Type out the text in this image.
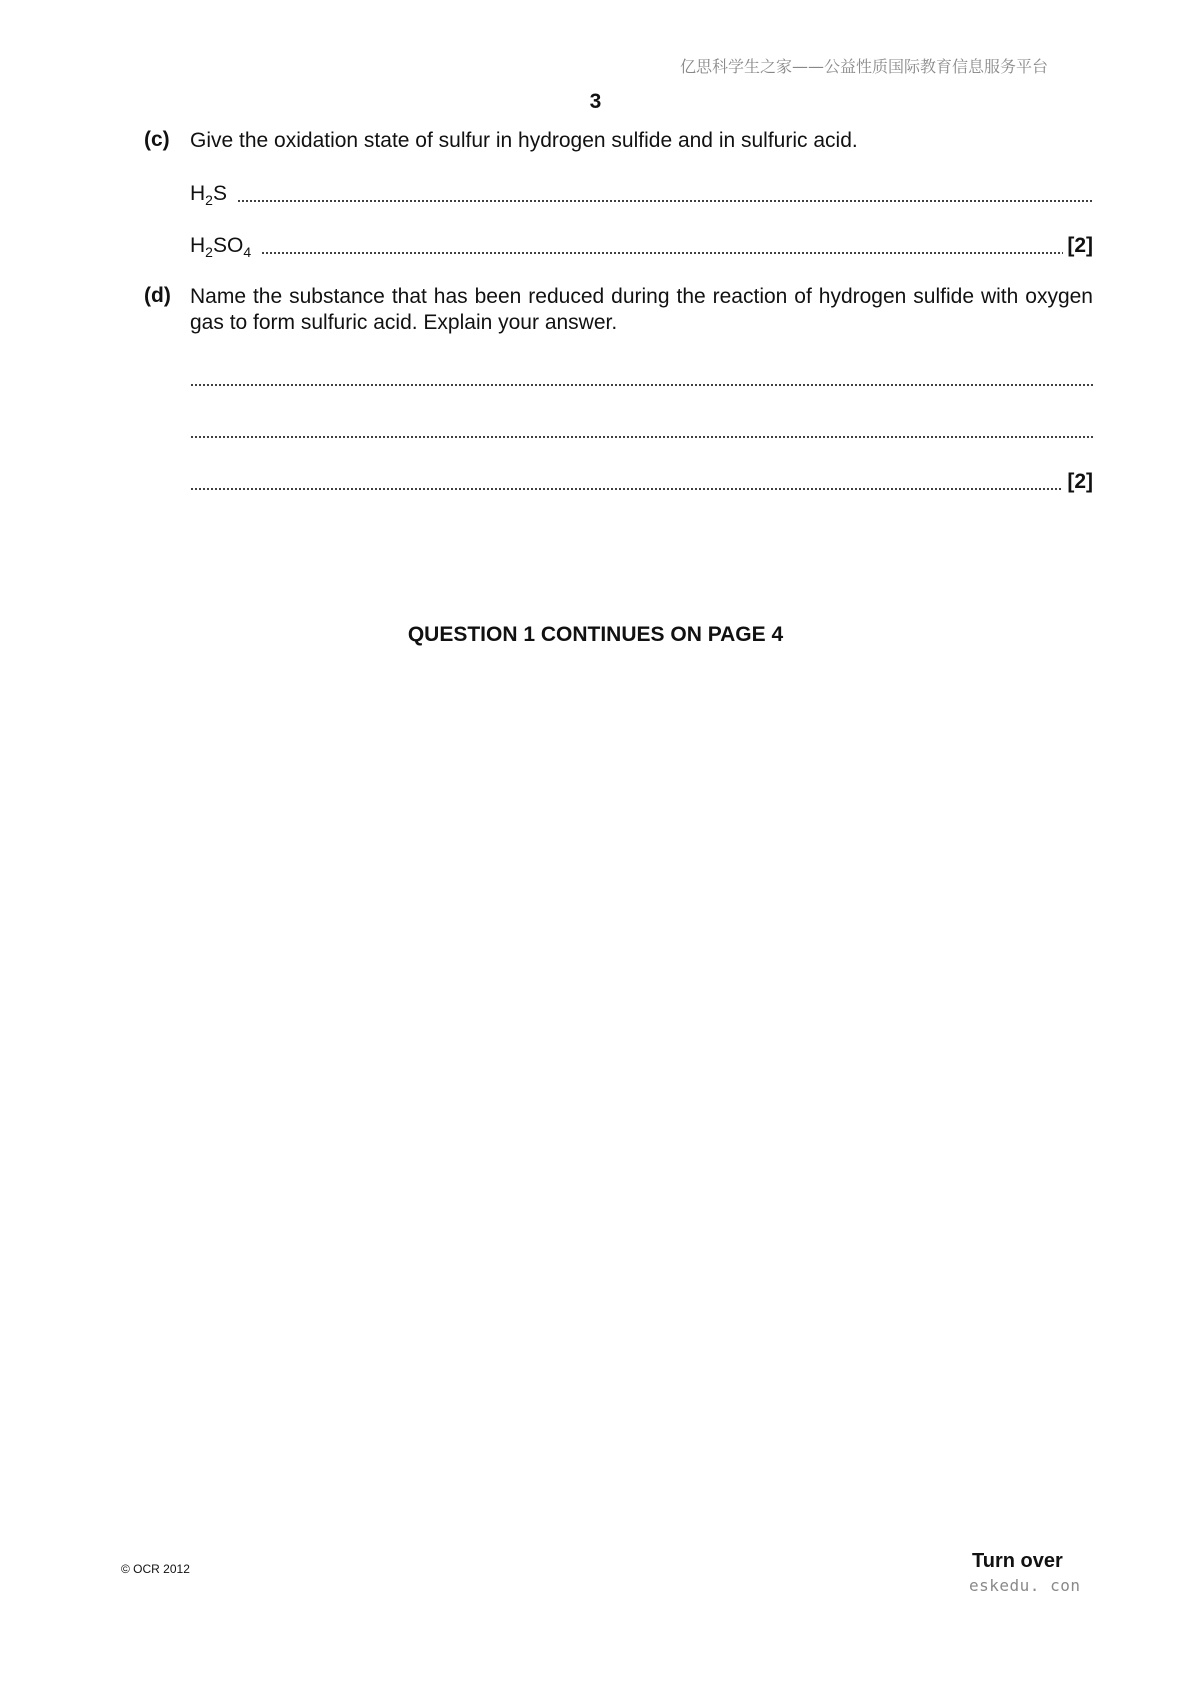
亿思科学生之家——公益性质国际教育信息服务平台
3
(c) Give the oxidation state of sulfur in hydrogen sulfide and in sulfuric acid.
$H_2S$
$H_2SO_4$	[2]
(d) Name the substance that has been reduced during the reaction of hydrogen sulfide with oxygen gas to form sulfuric acid. Explain your answer.
[2]
QUESTION 1 CONTINUES ON PAGE 4
© OCR 2012	Turn over
eskedu. con
